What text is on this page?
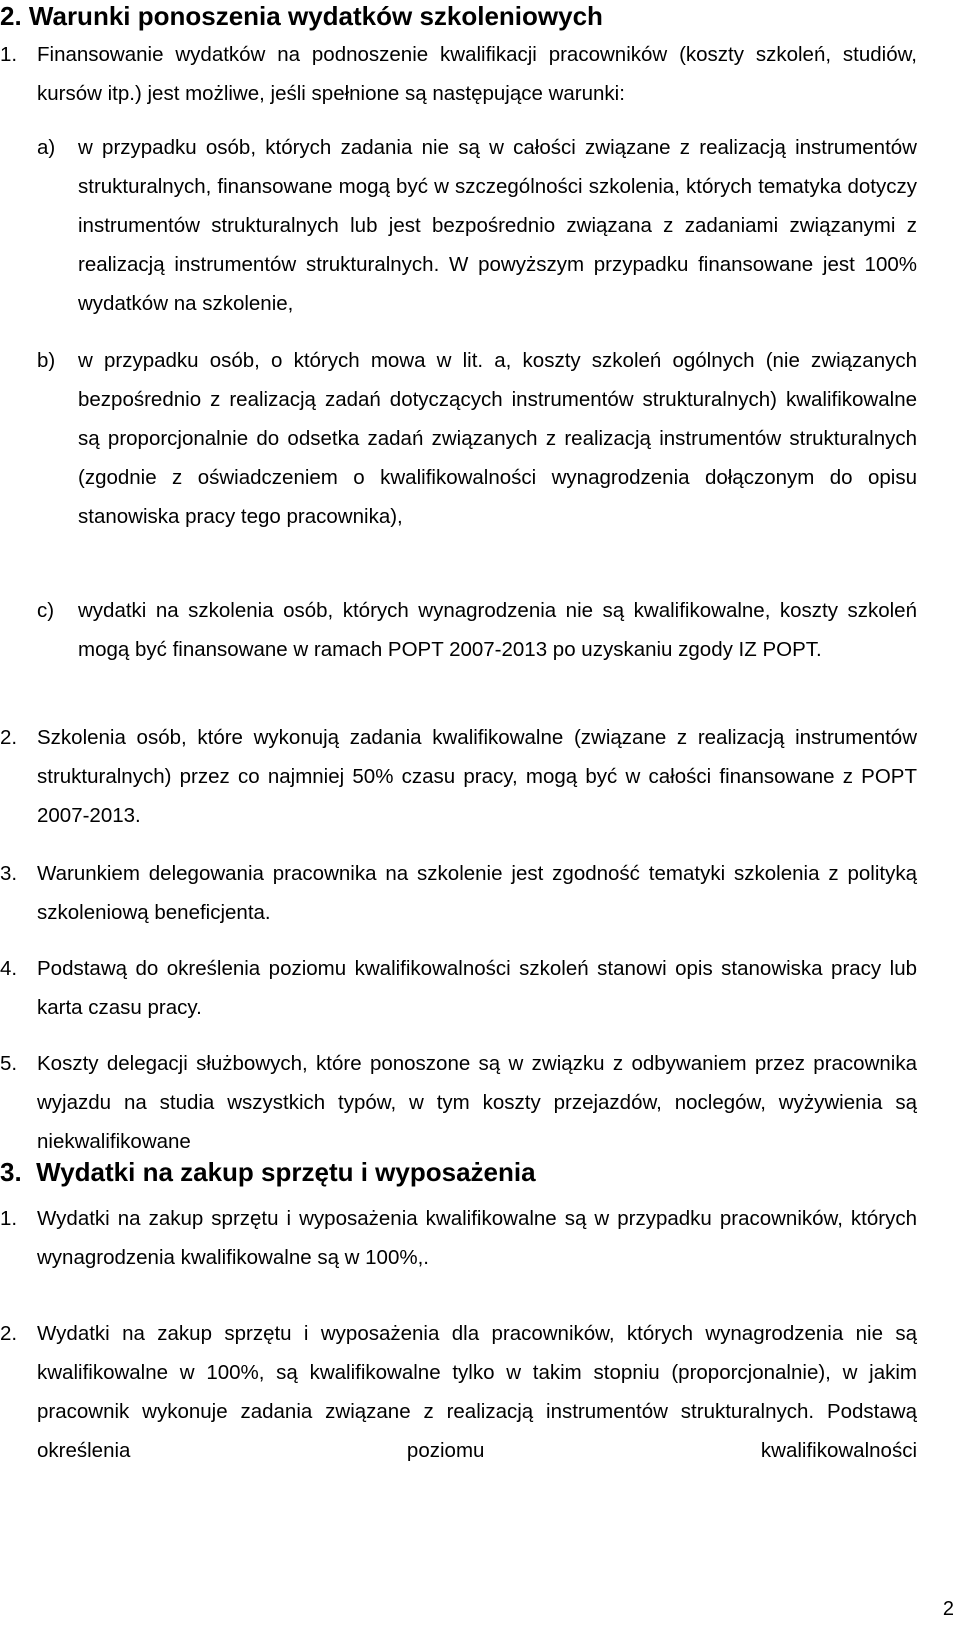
2. Warunki ponoszenia wydatków szkoleniowych
1. Finansowanie wydatków na podnoszenie kwalifikacji pracowników (koszty szkoleń, studiów, kursów itp.) jest możliwe, jeśli spełnione są następujące warunki:

a) w przypadku osób, których zadania nie są w całości związane z realizacją instrumentów strukturalnych, finansowane mogą być w szczególności szkolenia, których tematyka dotyczy instrumentów strukturalnych lub jest bezpośrednio związana z zadaniami związanymi z realizacją instrumentów strukturalnych. W powyższym przypadku finansowane jest 100% wydatków na szkolenie,

b) w przypadku osób, o których mowa w lit. a, koszty szkoleń ogólnych (nie związanych bezpośrednio z realizacją zadań dotyczących instrumentów strukturalnych) kwalifikowalne są proporcjonalnie do odsetka zadań związanych z realizacją instrumentów strukturalnych (zgodnie z oświadczeniem o kwalifikowalności wynagrodzenia dołączonym do opisu stanowiska pracy tego pracownika),

c) wydatki na szkolenia osób, których wynagrodzenia nie są kwalifikowalne, koszty szkoleń mogą być finansowane w ramach POPT 2007-2013 po uzyskaniu zgody IZ POPT.

2. Szkolenia osób, które wykonują zadania kwalifikowalne (związane z realizacją instrumentów strukturalnych) przez co najmniej 50% czasu pracy, mogą być w całości finansowane z POPT 2007-2013.

3. Warunkiem delegowania pracownika na szkolenie jest zgodność tematyki szkolenia z polityką szkoleniową beneficjenta.

4. Podstawą do określenia poziomu kwalifikowalności szkoleń stanowi opis stanowiska pracy lub karta czasu pracy.

5. Koszty delegacji służbowych, które ponoszone są w związku z odbywaniem przez pracownika wyjazdu na studia wszystkich typów, w tym koszty przejazdów, noclegów, wyżywienia są niekwalifikowane

3.  Wydatki na zakup sprzętu i wyposażenia
1. Wydatki na zakup sprzętu i wyposażenia kwalifikowalne są w przypadku pracowników, których wynagrodzenia kwalifikowalne są w 100%,.

2. Wydatki na zakup sprzętu i wyposażenia dla pracowników, których wynagrodzenia nie są kwalifikowalne w 100%, są kwalifikowalne tylko w takim stopniu (proporcjonalnie), w jakim pracownik wykonuje zadania związane z realizacją instrumentów strukturalnych. Podstawą określenia poziomu kwalifikowalności

2
